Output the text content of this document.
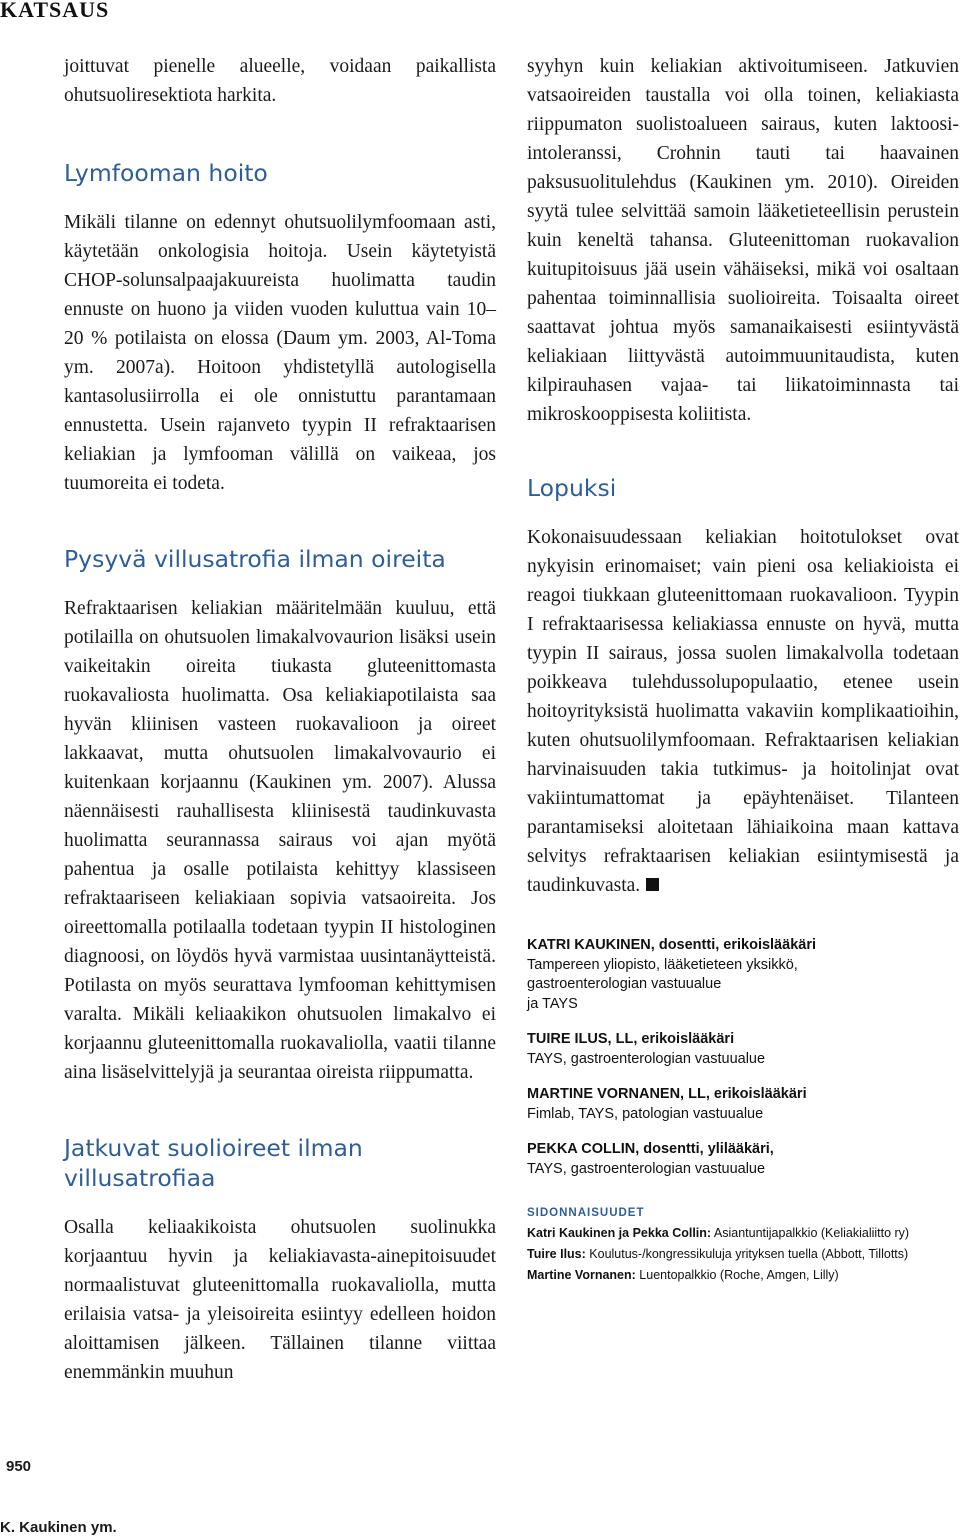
KATSAUS

joittuvat pienelle alueelle, voidaan paikallista ohutsuoliresektiota harkita.

Lymfooman hoito

Mikäli tilanne on edennyt ohutsuolilymfoomaan asti, käytetään onkologisia hoitoja. Usein käytetyistä CHOP-solunsalpaajakuureista huolimatta taudin ennuste on huono ja viiden vuoden kuluttua vain 10–20 % potilaista on elossa (Daum ym. 2003, Al-Toma ym. 2007a). Hoitoon yhdistetyllä autologisella kantasolusiirrolla ei ole onnistuttu parantamaan ennustetta. Usein rajanveto tyypin II refraktaarisen keliakian ja lymfooman välillä on vaikeaa, jos tuumoreita ei todeta.

Pysyvä villusatrofia ilman oireita

Refraktaarisen keliakian määritelmään kuuluu, että potilailla on ohutsuolen limakalvovaurion lisäksi usein vaikeitakin oireita tiukasta gluteenittomasta ruokavaliosta huolimatta. Osa keliakiapotilaista saa hyvän kliinisen vasteen ruokavalioon ja oireet lakkaavat, mutta ohutsuolen limakalvovaurio ei kuitenkaan korjaannu (Kaukinen ym. 2007). Alussa näennäisesti rauhallisesta kliinisestä taudinkuvasta huolimatta seurannassa sairaus voi ajan myötä pahentua ja osalle potilaista kehittyy klassiseen refraktaariseen keliakiaan sopivia vatsaoireita. Jos oireettomalla potilaalla todetaan tyypin II histologinen diagnoosi, on löydös hyvä varmistaa uusintanäytteistä. Potilasta on myös seurattava lymfooman kehittymisen varalta. Mikäli keliaakikon ohutsuolen limakalvo ei korjaannu gluteenittomalla ruokavaliolla, vaatii tilanne aina lisäselvittelyjä ja seurantaa oireista riippumatta.

Jatkuvat suolioireet ilman villusatrofiaa

Osalla keliaakikoista ohutsuolen suolinukka korjaantuu hyvin ja keliakiavasta-ainepitoisuudet normaalistuvat gluteenittomalla ruokavaliolla, mutta erilaisia vatsa- ja yleisoireita esiintyy edelleen hoidon aloittamisen jälkeen. Tällainen tilanne viittaa enemmänkin muuhun

syyhyn kuin keliakian aktivoitumiseen. Jatkuvien vatsaoireiden taustalla voi olla toinen, keliakiasta riippumaton suolistoalueen sairaus, kuten laktoosi-intoleranssi, Crohnin tauti tai haavainen paksusuolitulehdus (Kaukinen ym. 2010). Oireiden syytä tulee selvittää samoin lääketieteellisin perustein kuin keneltä tahansa. Gluteenittoman ruokavalion kuitupitoisuus jää usein vähäiseksi, mikä voi osaltaan pahentaa toiminnallisia suolioireita. Toisaalta oireet saattavat johtua myös samanaikaisesti esiintyvästä keliakiaan liittyvästä autoimmuunitaudista, kuten kilpirauhasen vajaa- tai liikatoiminnasta tai mikroskooppisesta koliitista.

Lopuksi

Kokonaisuudessaan keliakian hoitotulokset ovat nykyisin erinomaiset; vain pieni osa keliakioista ei reagoi tiukkaan gluteenittomaan ruokavalioon. Tyypin I refraktaarisessa keliakiassa ennuste on hyvä, mutta tyypin II sairaus, jossa suolen limakalvolla todetaan poikkeava tulehdussolupopulaatio, etenee usein hoitoyrityksistä huolimatta vakaviin komplikaatioihin, kuten ohutsuolilymfoomaan. Refraktaarisen keliakian harvinaisuuden takia tutkimus- ja hoitolinjat ovat vakiintumattomat ja epäyhtenäiset. Tilanteen parantamiseksi aloitetaan lähiaikoina maan kattava selvitys refraktaarisen keliakian esiintymisestä ja taudinkuvasta.

KATRI KAUKINEN, dosentti, erikoislääkäri
Tampereen yliopisto, lääketieteen yksikkö,
gastroenterologian vastuualue
ja TAYS
TUIRE ILUS, LL, erikoislääkäri
TAYS, gastroenterologian vastuualue
MARTINE VORNANEN, LL, erikoislääkäri
Fimlab, TAYS, patologian vastuualue
PEKKA COLLIN, dosentti, ylilääkäri,
TAYS, gastroenterologian vastuualue
SIDONNAISUUDET
Katri Kaukinen ja Pekka Collin: Asiantuntijapalkkio (Keliakialiitto ry)
Tuire Ilus: Koulutus-/kongressikuluja yrityksen tuella (Abbott, Tillotts)
Martine Vornanen: Luentopalkkio (Roche, Amgen, Lilly)
950
K. Kaukinen ym.
